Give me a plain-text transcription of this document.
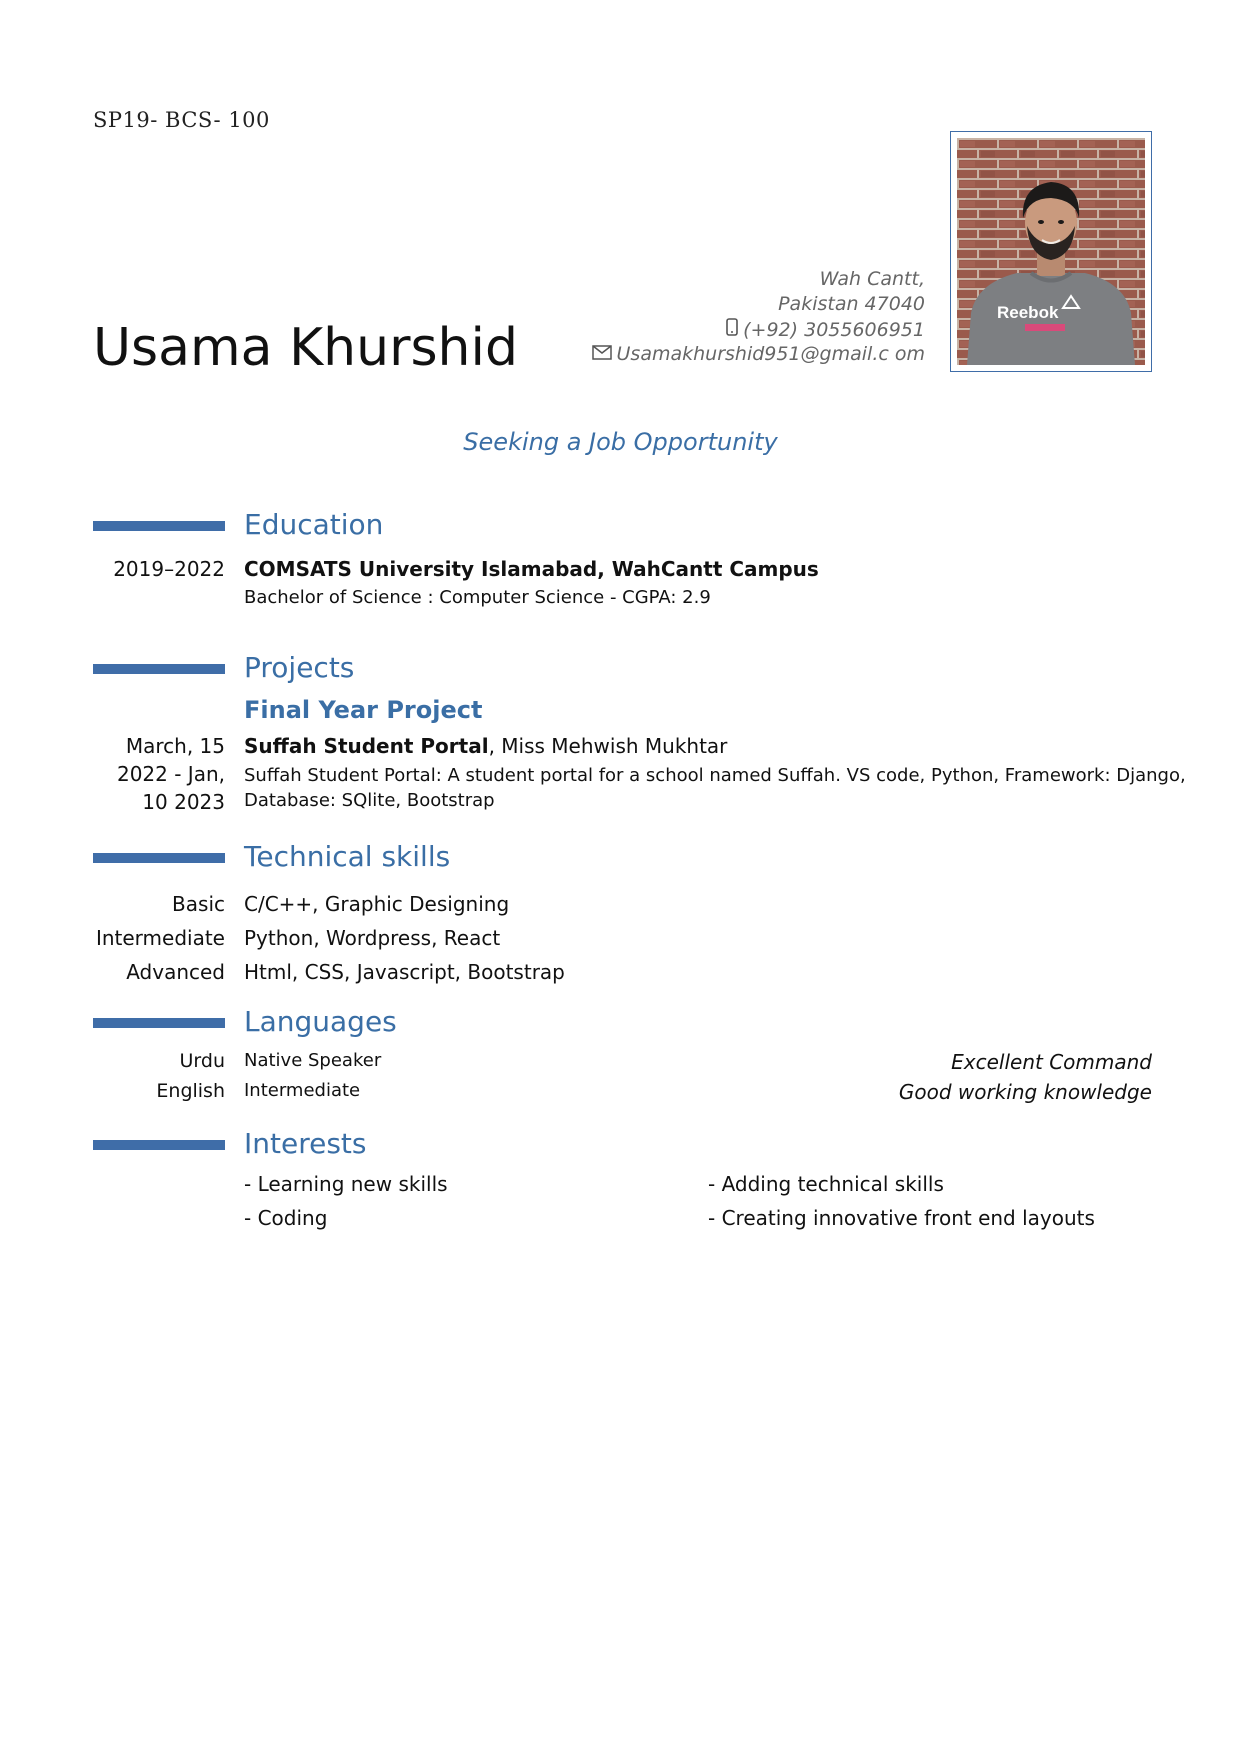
SP19- BCS- 100
Wah Cantt,
Pakistan 47040
(+92) 3055606951
Usamakhurshid951@gmail.c om
Usama Khurshid
Reebok
Seeking a Job Opportunity
Education
2019–2022 COMSATS University Islamabad, WahCantt Campus
Bachelor of Science : Computer Science - CGPA: 2.9
Projects
Final Year Project
March, 15
2022 - Jan,
10 2023
Suffah Student Portal, Miss Mehwish Mukhtar
Suffah Student Portal: A student portal for a school named Suffah. VS code, Python, Framework: Django,
Database: SQlite, Bootstrap
Technical skills
Basic C/C++, Graphic Designing
Intermediate Python, Wordpress, React
Advanced Html, CSS, Javascript, Bootstrap
Languages
Urdu Native Speaker	Excellent Command
English Intermediate	Good working knowledge
Interests
- Learning new skills
- Coding
- Adding technical skills
- Creating innovative front end layouts
